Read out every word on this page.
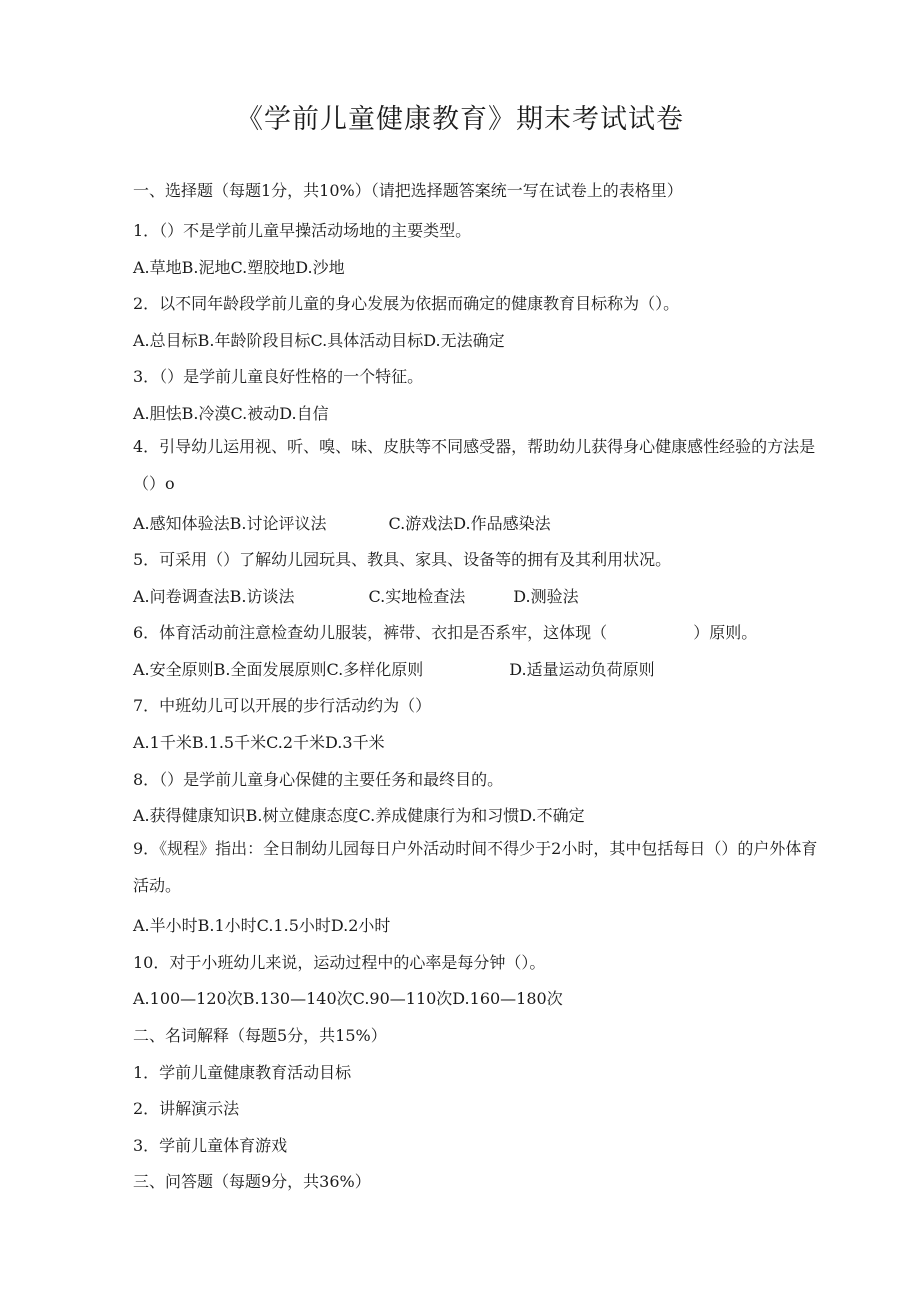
《学前儿童健康教育》期末考试试卷
一、选择题（每题1分，共10%）（请把选择题答案统一写在试卷上的表格里）
1．（）不是学前儿童早操活动场地的主要类型。
A.草地B.泥地C.塑胶地D.沙地
2．以不同年龄段学前儿童的身心发展为依据而确定的健康教育目标称为（）。
A.总目标B.年龄阶段目标C.具体活动目标D.无法确定
3．（）是学前儿童良好性格的一个特征。
A.胆怯B.冷漠C.被动D.自信
4．引导幼儿运用视、听、嗅、味、皮肤等不同感受器，帮助幼儿获得身心健康感性经验的方法是（）o
A.感知体验法B.讨论评议法	C.游戏法D.作品感染法
5．可采用（）了解幼儿园玩具、教具、家具、设备等的拥有及其利用状况。
A.问卷调查法B.访谈法	C.实地检查法	D.测验法
6．体育活动前注意检查幼儿服装，裤带、衣扣是否系牢，这体现（	）原则。
A.安全原则B.全面发展原则C.多样化原则	D.适量运动负荷原则
7．中班幼儿可以开展的步行活动约为（）
A.1千米B.1.5千米C.2千米D.3千米
8．（）是学前儿童身心保健的主要任务和最终目的。
A.获得健康知识B.树立健康态度C.养成健康行为和习惯D.不确定
9．《规程》指出：全日制幼儿园每日户外活动时间不得少于2小时，其中包括每日（）的户外体育活动。
A.半小时B.1小时C.1.5小时D.2小时
10．对于小班幼儿来说，运动过程中的心率是每分钟（）。
A.100—120次B.130—140次C.90—110次D.160—180次
二、名词解释（每题5分，共15%）
1．学前儿童健康教育活动目标
2．讲解演示法
3．学前儿童体育游戏
三、问答题（每题9分，共36%）
